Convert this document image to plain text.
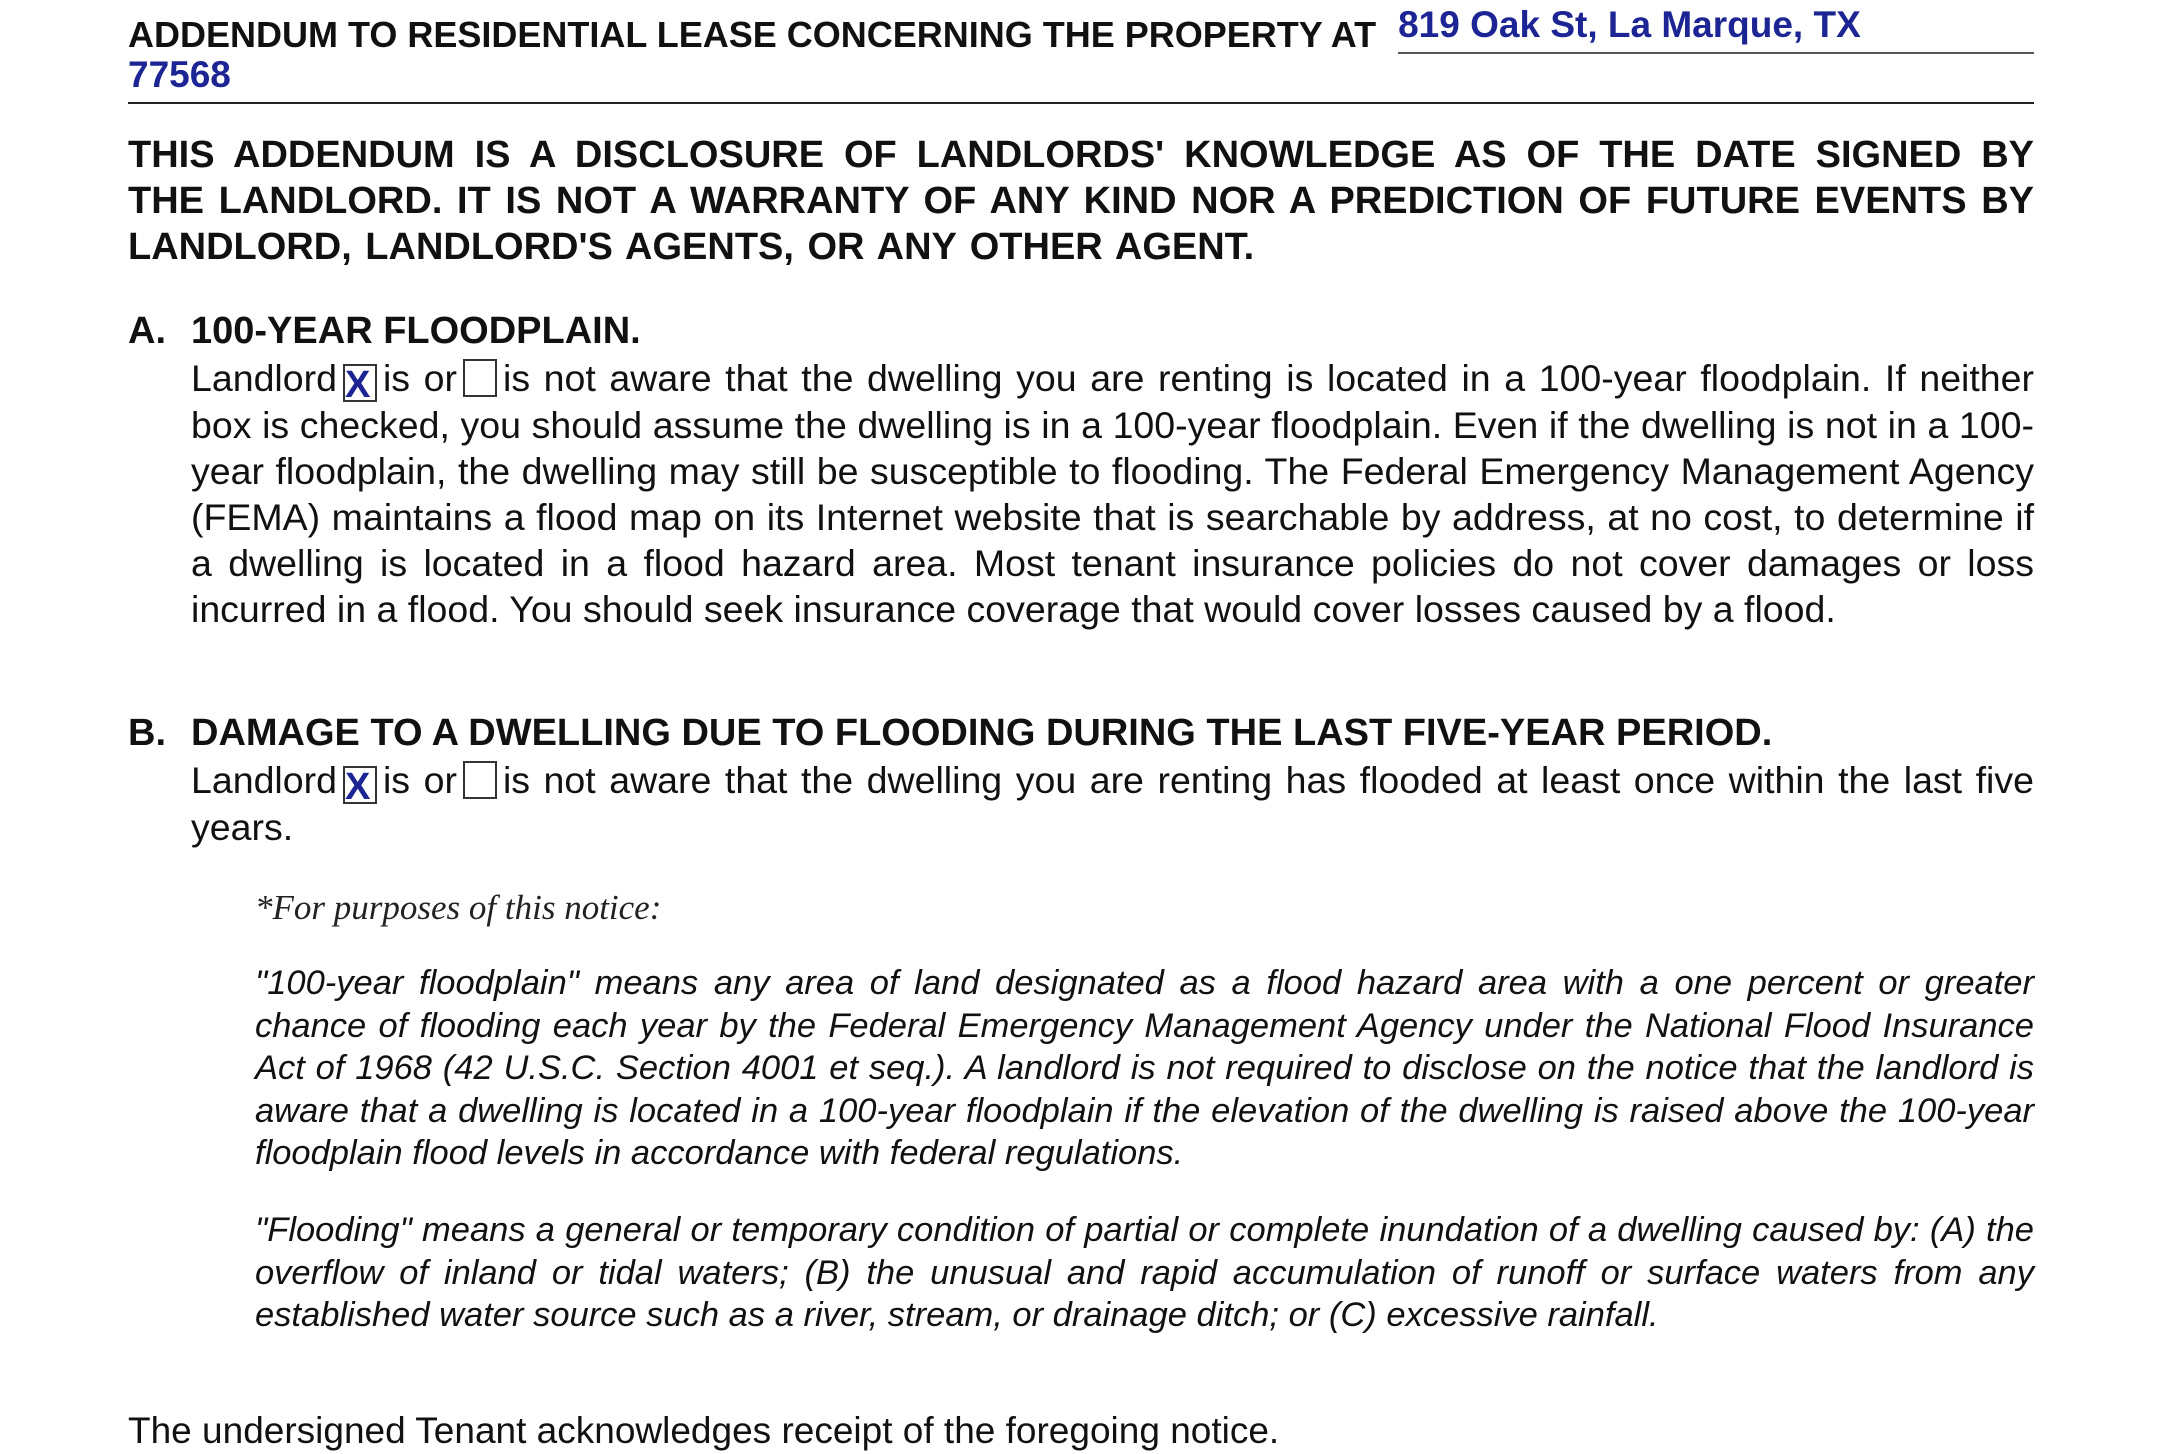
ADDENDUM TO RESIDENTIAL LEASE CONCERNING THE PROPERTY AT 819 Oak St, La Marque, TX
77568
THIS ADDENDUM IS A DISCLOSURE OF LANDLORDS' KNOWLEDGE AS OF THE DATE SIGNED BY THE LANDLORD. IT IS NOT A WARRANTY OF ANY KIND NOR A PREDICTION OF FUTURE EVENTS BY LANDLORD, LANDLORD'S AGENTS, OR ANY OTHER AGENT.
A. 100-YEAR FLOODPLAIN.
Landlord X is or is not aware that the dwelling you are renting is located in a 100-year floodplain. If neither box is checked, you should assume the dwelling is in a 100-year floodplain. Even if the dwelling is not in a 100-year floodplain, the dwelling may still be susceptible to flooding. The Federal Emergency Management Agency (FEMA) maintains a flood map on its Internet website that is searchable by address, at no cost, to determine if a dwelling is located in a flood hazard area. Most tenant insurance policies do not cover damages or loss incurred in a flood. You should seek insurance coverage that would cover losses caused by a flood.
B. DAMAGE TO A DWELLING DUE TO FLOODING DURING THE LAST FIVE-YEAR PERIOD.
Landlord X is or is not aware that the dwelling you are renting has flooded at least once within the last five years.
*For purposes of this notice:
"100-year floodplain" means any area of land designated as a flood hazard area with a one percent or greater chance of flooding each year by the Federal Emergency Management Agency under the National Flood Insurance Act of 1968 (42 U.S.C. Section 4001 et seq.). A landlord is not required to disclose on the notice that the landlord is aware that a dwelling is located in a 100-year floodplain if the elevation of the dwelling is raised above the 100-year floodplain flood levels in accordance with federal regulations.
"Flooding" means a general or temporary condition of partial or complete inundation of a dwelling caused by: (A) the overflow of inland or tidal waters; (B) the unusual and rapid accumulation of runoff or surface waters from any established water source such as a river, stream, or drainage ditch; or (C) excessive rainfall.
The undersigned Tenant acknowledges receipt of the foregoing notice.
